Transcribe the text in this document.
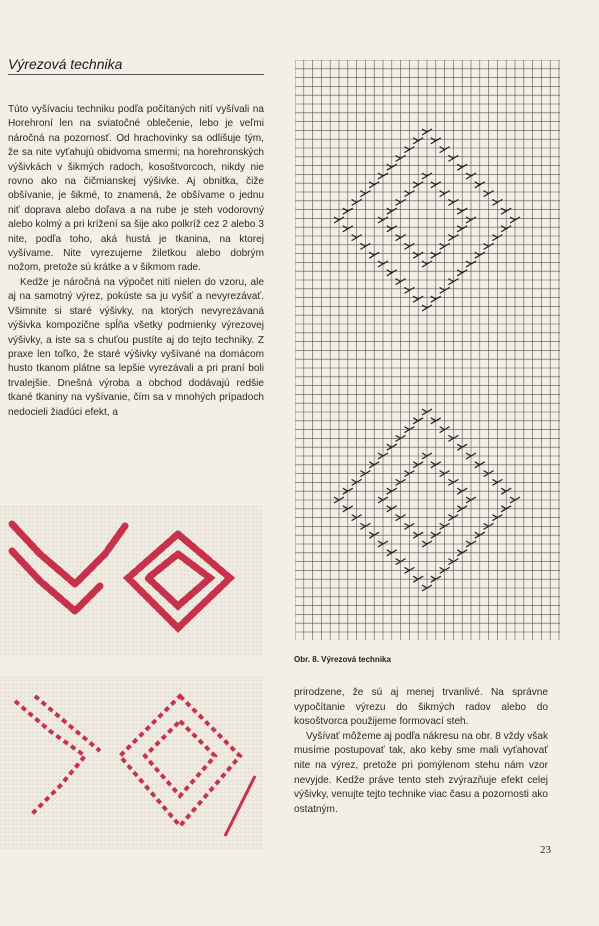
Výrezová technika

Túto vyšívaciu techniku podľa počítaných nití vyšívali na Horehroní len na sviatočné oblečenie, lebo je veľmi náročná na pozornosť. Od hrachovinky sa odlišuje tým, že sa nite vyťahujú obidvoma smermi; na horehronských výšivkách v šikmých radoch, kosoštvorcoch, nikdy nie rovno ako na čičmianskej výšivke. Aj obnitka, čiže obšívanie, je šikmé, to znamená, že obšívame o jednu niť doprava alebo doľava a na rube je steh vodorovný alebo kolmý a pri krížení sa šije ako polkríž cez 2 alebo 3 nite, podľa toho, aká hustá je tkanina, na ktorej vyšívame. Nite vyrezujeme žiletkou alebo dobrým nožom, pretože sú krátke a v šikmom rade.

Kedže je náročná na výpočet nití nielen do vzoru, ale aj na samotný výrez, pokúste sa ju vyšiť a nevyrezávať. Všimnite si staré výšivky, na ktorých nevyrezávaná výšivka kompozične spĺňa všetky podmienky výrezovej výšivky, a iste sa s chuťou pustíte aj do tejto techniky. Z praxe len toľko, že staré výšivky vyšívané na domácom husto tkanom plátne sa lepšie vyrezávali a pri praní boli trvalejšie. Dnešná výroba a obchod dodávajú redšie tkané tkaniny na vyšívanie, čím sa v mnohých prípadoch nedocieli žiadúci efekt, a

Obr. 8. Výrezová technika

prirodzene, že sú aj menej trvanlivé. Na správne vypočítanie výrezu do šikmých radov alebo do kosoštvorca použijeme formovací steh.

Vyšívať môžeme aj podľa nákresu na obr. 8 vždy však musíme postupovať tak, ako keby sme mali vyťahovať nite na výrez, pretože pri pomýlenom stehu nám vzor nevyjde. Kedže práve tento steh zvýrazňuje efekt celej výšivky, venujte tejto technike viac času a pozornosti ako ostatným.

23
